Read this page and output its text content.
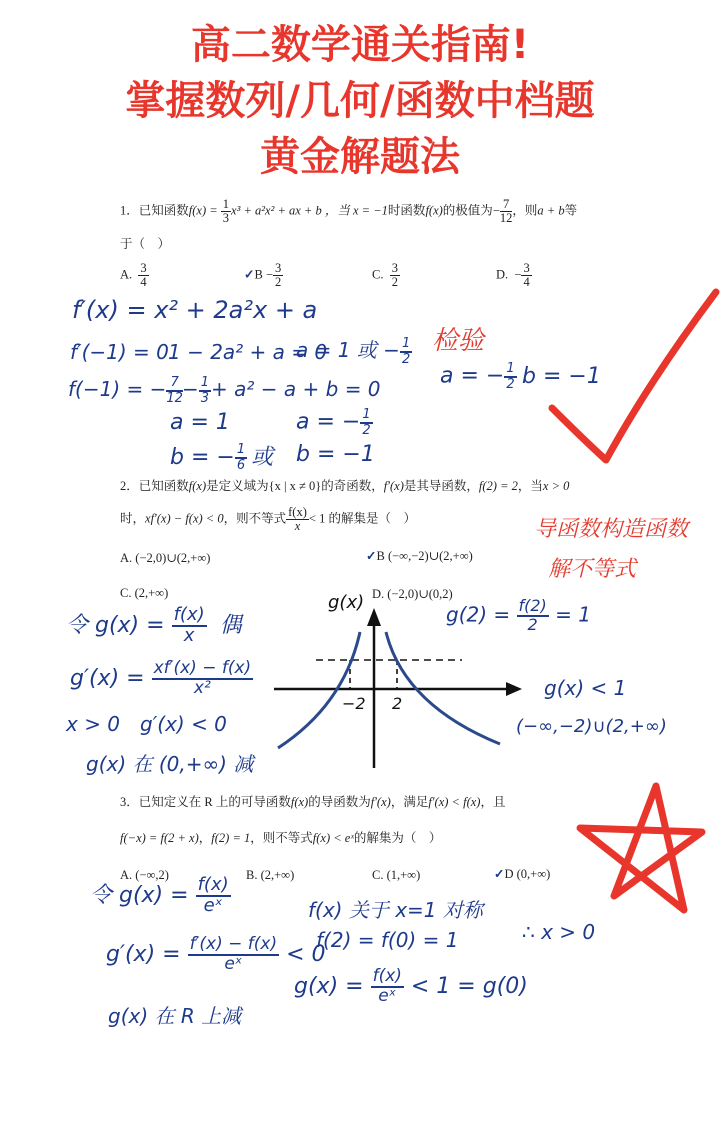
高二数学通关指南!
掌握数列/几何/函数中档题
黄金解题法
1．已知函数$f(x) = \frac{1}{3} x^3 + a^2x^2$ + ax + b ，当 x = −1时函数f(x)的极值为− $\frac{7}{12}$ ，则a + b等
于（　）
A. $\frac{3}{4}$	✓B − $\frac{3}{2}$	C. $\frac{3}{2}$	D. − $\frac{3}{4}$
f′(x) = x² + 2a²x + a
f′(−1) = 0 1 − 2a² + a = 0
a = 1 或 − $\frac{1}{2}$
f(−1) = − $\frac{7}{12} - \frac{1}{3} + a^2 - a + b = 0$
a = 1
b = − $\frac{1}{6}$ 或
a = − $\frac{1}{2}$
b = −1
检验
a = − $\frac{1}{2}$ b = −1
2．已知函数f(x)是定义域为{x | x ≠ 0}的奇函数，f′(x)是其导函数，f(2) = 2，当x > 0
时，xf′(x) − f(x) < 0，则不等式 $\frac{f(x)}{x}< 1$ 的解集是（　）
A. (−2,0)∪(2,+∞)	✓B (−∞,−2)∪(2,+∞)
C. (2,+∞)	D. (−2,0)∪(0,2)
导函数构造函数
解不等式
令 $g(x) = \frac{f(x)}{x}$ 偶
$g'(x) = \frac{xf'(x) - f(x)}{\text{x²}}$
x > 0　g′(x) < 0
g(x) 在 (0,+∞) 减
$g(2) = \frac{f(2)}{2} = 1$
g(x) < 1
(−∞,−2)∪(2,+∞)
g(x)
−2 2
3．已知定义在 R 上的可导函数f(x)的导函数为f′(x)，满足f′(x) < f(x)，且
f(−x) = f(2 + x)，f(2) = 1，则不等式f(x) < eˣ的解集为（　）
A. (−∞,2)	B. (2,+∞)	C. (1,+∞)	✓D (0,+∞)
令 $g(x) = \frac{f(x)}{\text{eˣ}}$
$g'(x) = \frac{f'(x) - f(x)}{\text{eˣ}} < 0$
g(x) 在 R 上减
f(x) 关于 x=1 对称
f(2) = f(0) = 1
$g(x) = \frac{f(x)}{\text{eˣ}} < 1 = g(0)$
∴ x > 0
